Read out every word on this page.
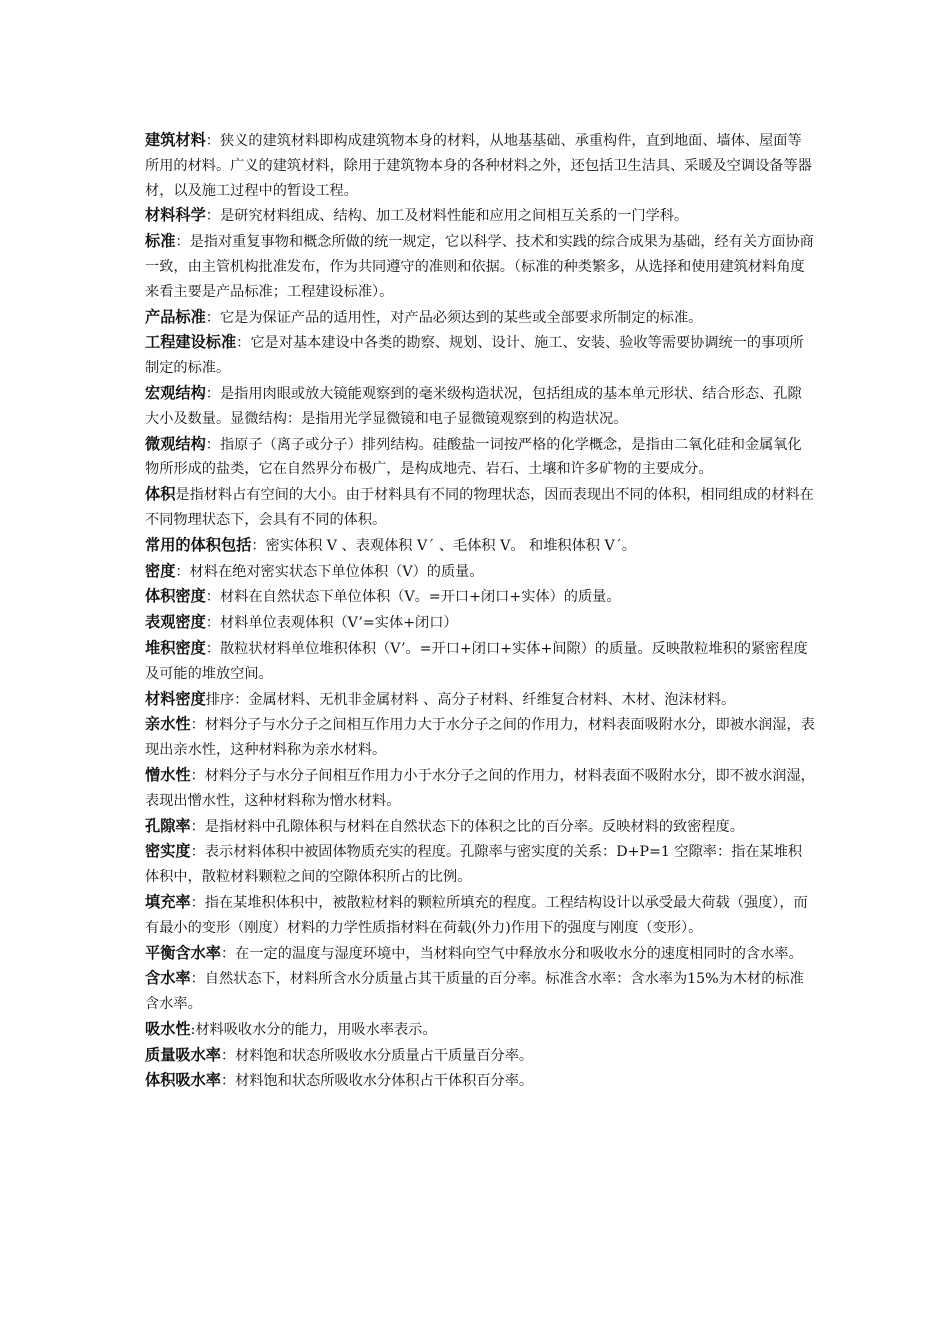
建筑材料：狭义的建筑材料即构成建筑物本身的材料，从地基基础、承重构件，直到地面、墙体、屋面等所用的材料。广义的建筑材料，除用于建筑物本身的各种材料之外，还包括卫生洁具、采暖及空调设备等器材，以及施工过程中的暂设工程。

材料科学：是研究材料组成、结构、加工及材料性能和应用之间相互关系的一门学科。

标准：是指对重复事物和概念所做的统一规定，它以科学、技术和实践的综合成果为基础，经有关方面协商一致，由主管机构批准发布，作为共同遵守的准则和依据。（标准的种类繁多，从选择和使用建筑材料角度来看主要是产品标准；工程建设标准）。

产品标准：它是为保证产品的适用性，对产品必须达到的某些或全部要求所制定的标准。

工程建设标准：它是对基本建设中各类的勘察、规划、设计、施工、安装、验收等需要协调统一的事项所制定的标准。

宏观结构：是指用肉眼或放大镜能观察到的毫米级构造状况，包括组成的基本单元形状、结合形态、孔隙大小及数量。显微结构：是指用光学显微镜和电子显微镜观察到的构造状况。

微观结构：指原子（离子或分子）排列结构。硅酸盐一词按严格的化学概念，是指由二氧化硅和金属氧化物所形成的盐类，它在自然界分布极广，是构成地壳、岩石、土壤和许多矿物的主要成分。

体积是指材料占有空间的大小。由于材料具有不同的物理状态，因而表现出不同的体积，相同组成的材料在不同物理状态下，会具有不同的体积。

常用的体积包括：密实体积 V 、表观体积 V´ 、毛体积 V。 和堆积体积 V´。

密度：材料在绝对密实状态下单位体积（V）的质量。

体积密度：材料在自然状态下单位体积（V。=开口+闭口+实体）的质量。

表观密度：材料单位表观体积（V’=实体+闭口）

堆积密度：散粒状材料单位堆积体积（V’。=开口+闭口+实体+间隙）的质量。反映散粒堆积的紧密程度及可能的堆放空间。

材料密度排序：金属材料、无机非金属材料 、高分子材料、纤维复合材料、木材、泡沫材料。

亲水性：材料分子与水分子之间相互作用力大于水分子之间的作用力，材料表面吸附水分，即被水润湿，表现出亲水性，这种材料称为亲水材料。

憎水性：材料分子与水分子间相互作用力小于水分子之间的作用力，材料表面不吸附水分，即不被水润湿，表现出憎水性，这种材料称为憎水材料。

孔隙率：是指材料中孔隙体积与材料在自然状态下的体积之比的百分率。反映材料的致密程度。

密实度：表示材料体积中被固体物质充实的程度。孔隙率与密实度的关系：D+P=1 空隙率：指在某堆积体积中，散粒材料颗粒之间的空隙体积所占的比例。

填充率：指在某堆积体积中，被散粒材料的颗粒所填充的程度。工程结构设计以承受最大荷载（强度），而有最小的变形（刚度）材料的力学性质指材料在荷载(外力)作用下的强度与刚度（变形）。

平衡含水率：在一定的温度与湿度环境中，当材料向空气中释放水分和吸收水分的速度相同时的含水率。

含水率：自然状态下，材料所含水分质量占其干质量的百分率。标准含水率：含水率为15%为木材的标准含水率。

吸水性:材料吸收水分的能力，用吸水率表示。

质量吸水率：材料饱和状态所吸收水分质量占干质量百分率。

体积吸水率：材料饱和状态所吸收水分体积占干体积百分率。
